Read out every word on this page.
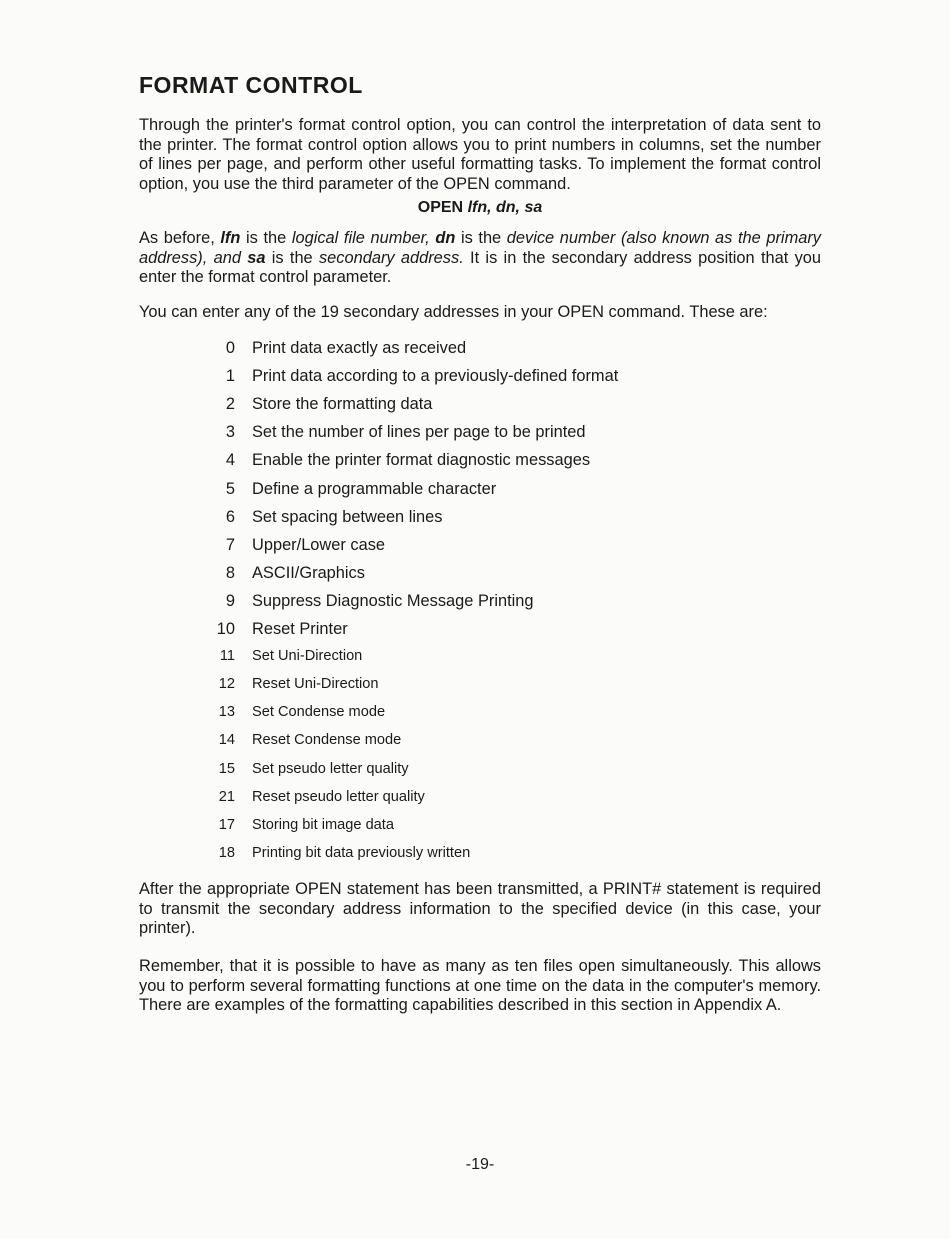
FORMAT CONTROL

Through the printer's format control option, you can control the interpretation of data sent to the printer. The format control option allows you to print numbers in columns, set the number of lines per page, and perform other useful formatting tasks. To implement the format control option, you use the third parameter of the OPEN command.

OPEN lfn, dn, sa

As before, lfn is the logical file number, dn is the device number (also known as the primary address), and sa is the secondary address. It is in the secondary address position that you enter the format control parameter.

You can enter any of the 19 secondary addresses in your OPEN command. These are:

0 Print data exactly as received
1 Print data according to a previously-defined format
2 Store the formatting data
3 Set the number of lines per page to be printed
4 Enable the printer format diagnostic messages
5 Define a programmable character
6 Set spacing between lines
7 Upper/Lower case
8 ASCII/Graphics
9 Suppress Diagnostic Message Printing
10 Reset Printer
11 Set Uni-Direction
12 Reset Uni-Direction
13 Set Condense mode
14 Reset Condense mode
15 Set pseudo letter quality
21 Reset pseudo letter quality
17 Storing bit image data
18 Printing bit data previously written

After the appropriate OPEN statement has been transmitted, a PRINT# statement is required to transmit the secondary address information to the specified device (in this case, your printer).

Remember, that it is possible to have as many as ten files open simultaneously. This allows you to perform several formatting functions at one time on the data in the computer's memory. There are examples of the formatting capabilities described in this section in Appendix A.

-19-
